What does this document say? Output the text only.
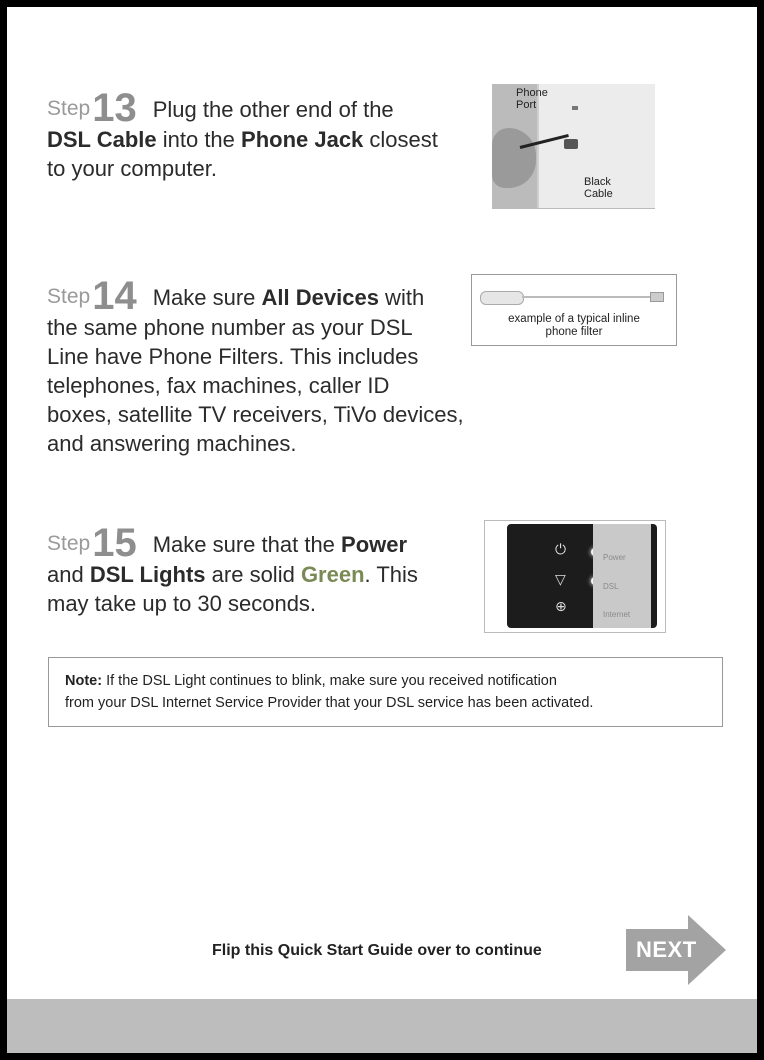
Step 13 Plug the other end of the
DSL Cable into the Phone Jack closest
to your computer.
Phone
Port
Black
Cable
Step 14 Make sure All Devices with
the same phone number as your DSL
Line have Phone Filters. This includes
telephones, fax machines, caller ID
boxes, satellite TV receivers, TiVo devices,
and answering machines.
example of a typical inline
phone filter
Step 15 Make sure that the Power
and DSL Lights are solid Green. This
may take up to 30 seconds.
⏻
▽
⊕
Power
DSL
Internet
Note: If the DSL Light continues to blink, make sure you received notification
from your DSL Internet Service Provider that your DSL service has been activated.
Flip this Quick Start Guide over to continue	NEXT
